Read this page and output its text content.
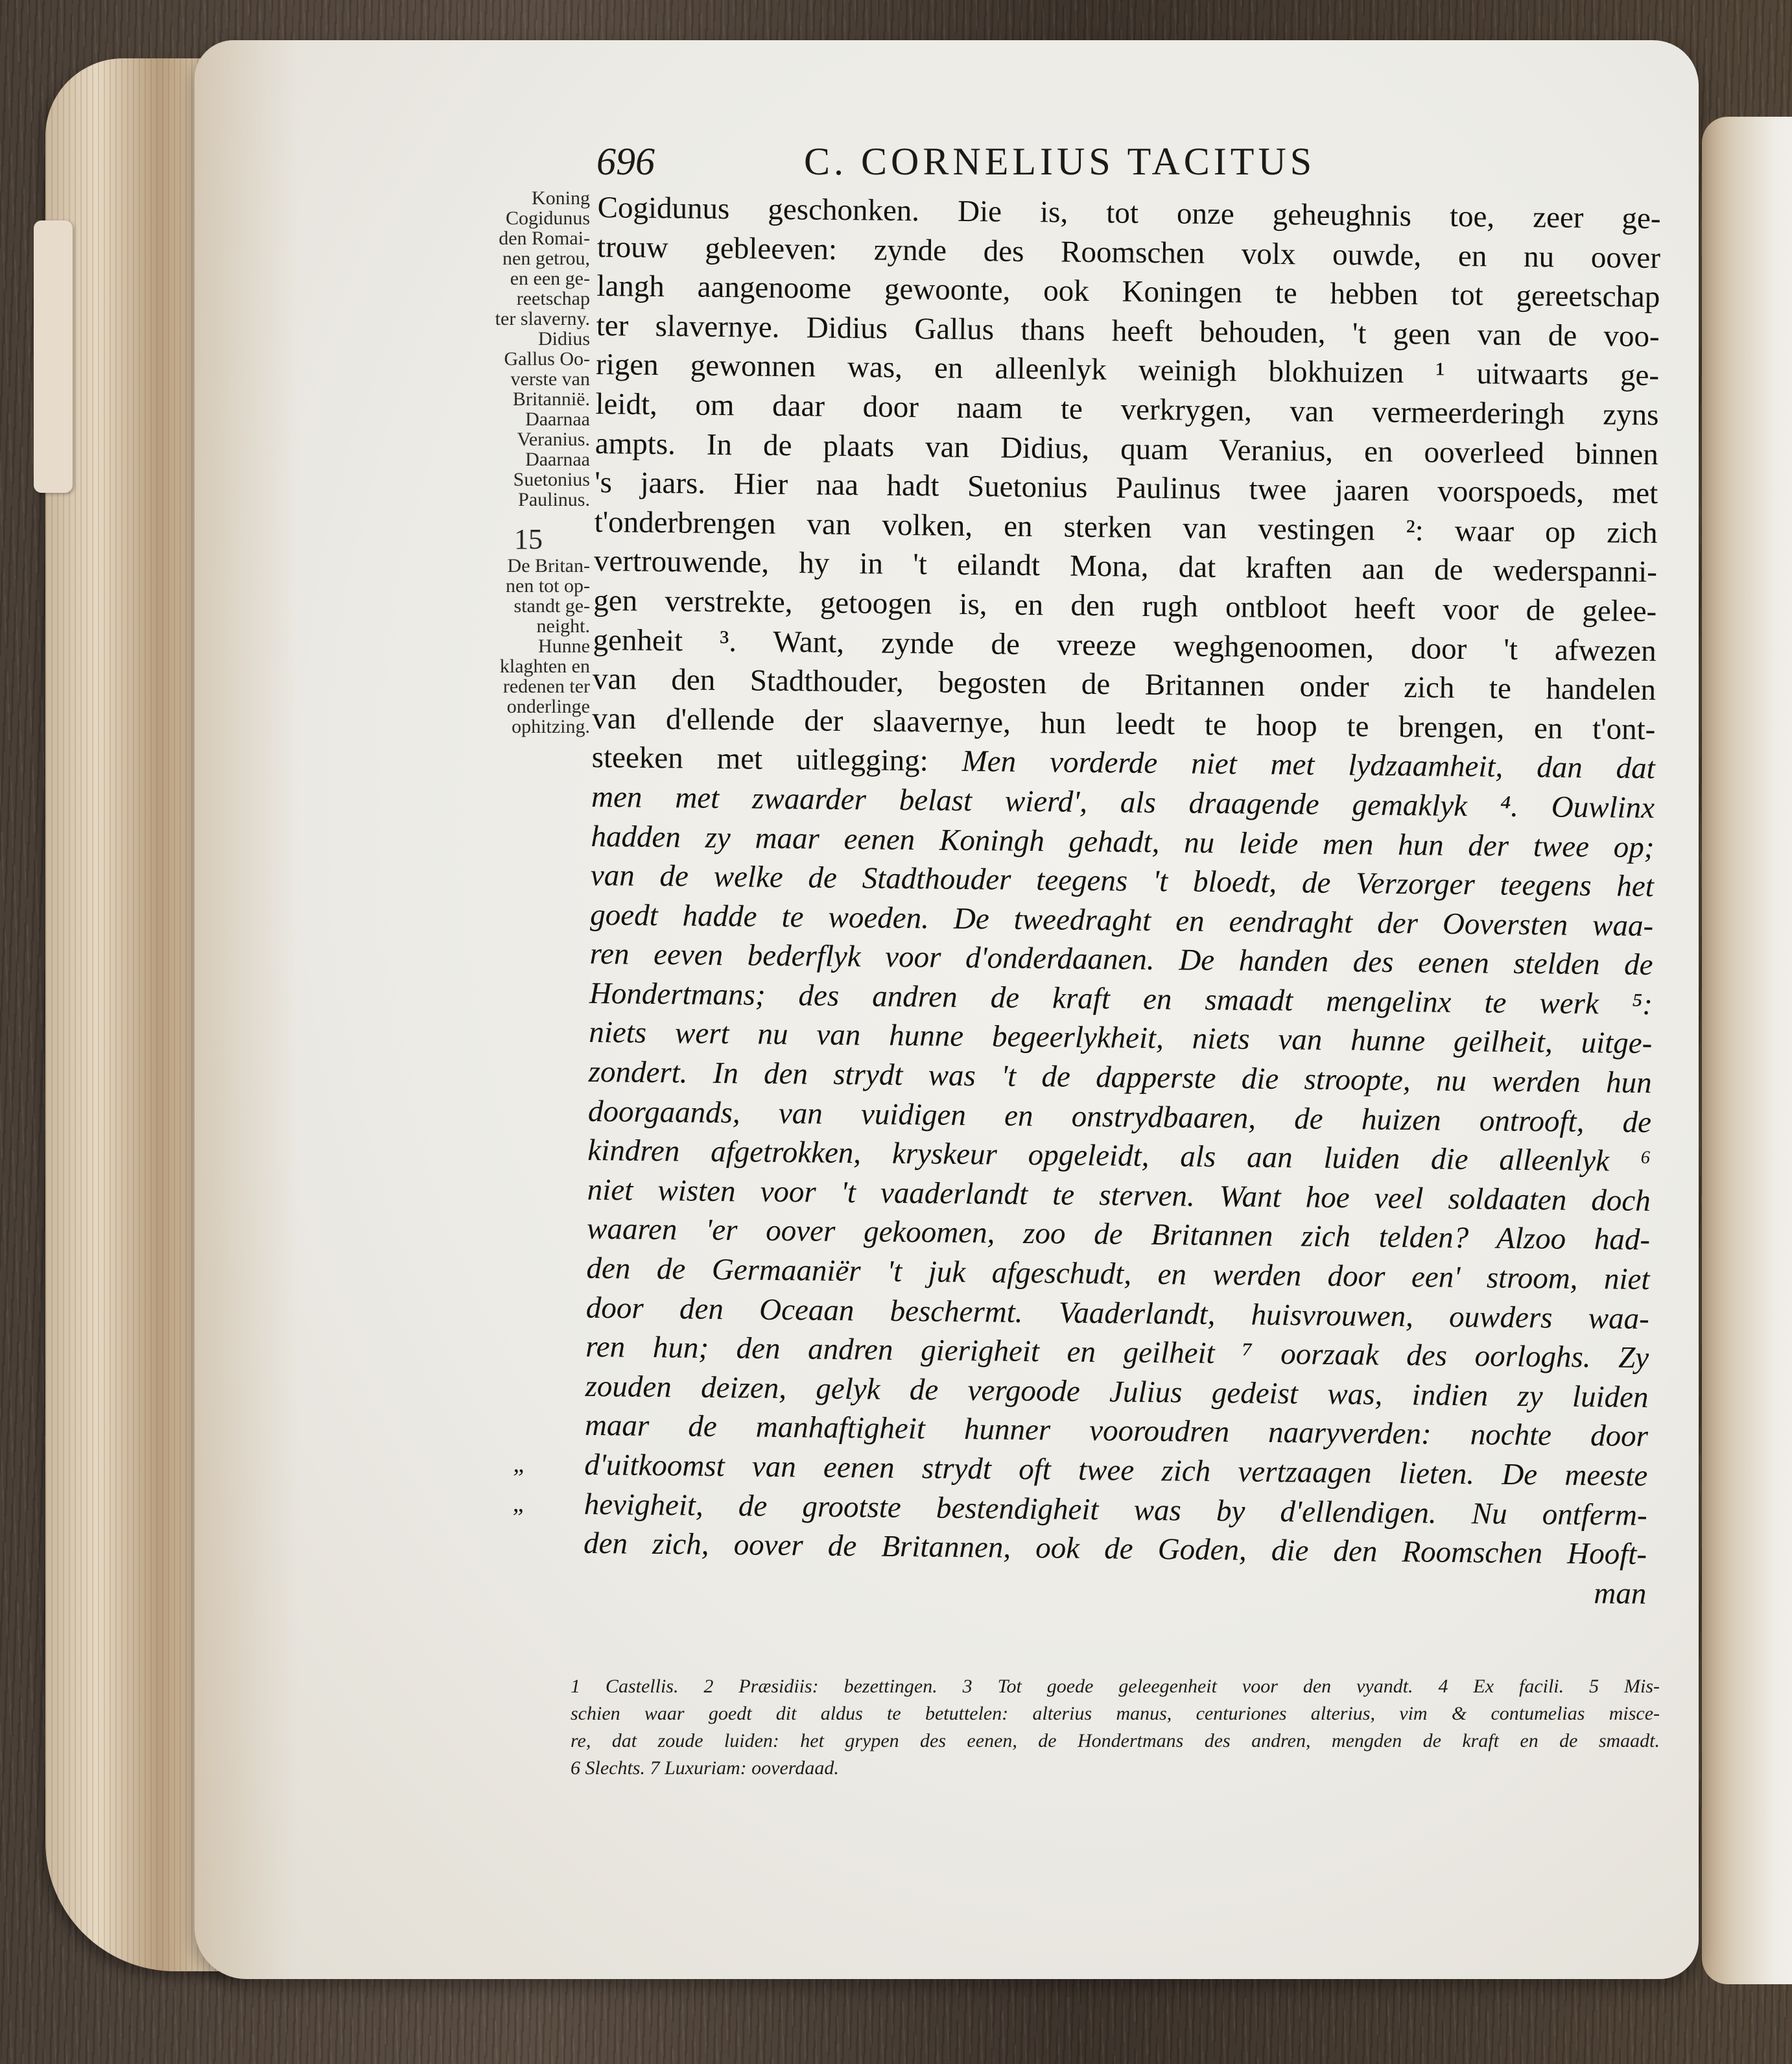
696	C. CORNELIUS TACITUS
Koning
Cogidunus
den Romai-
nen getrou,
en een ge-
reetschap
ter slaverny.
Didius
Gallus Oo-
verste van
Britannië.
Daarnaa
Veranius.
Daarnaa
Suetonius
Paulinus.
15
De Britan-
nen tot op-
standt ge-
neight.
Hunne
klaghten en
redenen ter
onderlinge
ophitzing.
Cogidunus geschonken. Die is, tot onze geheughnis toe, zeer ge-
trouw gebleeven: zynde des Roomschen volx ouwde, en nu oover
langh aangenoome gewoonte, ook Koningen te hebben tot gereetschap
ter slavernye. Didius Gallus thans heeft behouden, 't geen van de voo-
rigen gewonnen was, en alleenlyk weinigh blokhuizen ¹ uitwaarts ge-
leidt, om daar door naam te verkrygen, van vermeerderingh zyns
ampts. In de plaats van Didius, quam Veranius, en ooverleed binnen
's jaars. Hier naa hadt Suetonius Paulinus twee jaaren voorspoeds, met
t'onderbrengen van volken, en sterken van vestingen ²: waar op zich
vertrouwende, hy in 't eilandt Mona, dat kraften aan de wederspanni-
gen verstrekte, getoogen is, en den rugh ontbloot heeft voor de gelee-
genheit ³. Want, zynde de vreeze weghgenoomen, door 't afwezen
van den Stadthouder, begosten de Britannen onder zich te handelen
van d'ellende der slaavernye, hun leedt te hoop te brengen, en t'ont-
steeken met uitlegging: Men vorderde niet met lydzaamheit, dan dat
men met zwaarder belast wierd', als draagende gemaklyk ⁴. Ouwlinx
hadden zy maar eenen Koningh gehadt, nu leide men hun der twee op;
van de welke de Stadthouder teegens 't bloedt, de Verzorger teegens het
goedt hadde te woeden. De tweedraght en eendraght der Ooversten waa-
ren eeven bederflyk voor d'onderdaanen. De handen des eenen stelden de
Hondertmans; des andren de kraft en smaadt mengelinx te werk ⁵:
niets wert nu van hunne begeerlykheit, niets van hunne geilheit, uitge-
zondert. In den strydt was 't de dapperste die stroopte, nu werden hun
doorgaands, van vuidigen en onstrydbaaren, de huizen ontrooft, de
kindren afgetrokken, kryskeur opgeleidt, als aan luiden die alleenlyk ⁶
niet wisten voor 't vaaderlandt te sterven. Want hoe veel soldaaten doch
waaren 'er oover gekoomen, zoo de Britannen zich telden? Alzoo had-
den de Germaaniër 't juk afgeschudt, en werden door een' stroom, niet
door den Oceaan beschermt. Vaaderlandt, huisvrouwen, ouwders waa-
ren hun; den andren gierigheit en geilheit ⁷ oorzaak des oorloghs. Zy
zouden deizen, gelyk de vergoode Julius gedeist was, indien zy luiden
maar de manhaftigheit hunner vooroudren naaryverden: nochte door
„ d'uitkoomst van eenen strydt oft twee zich vertzaagen lieten. De meeste
„ hevigheit, de grootste bestendigheit was by d'ellendigen. Nu ontferm-
den zich, oover de Britannen, ook de Goden, die den Roomschen Hooft-
man
1 Castellis. 2 Præsidiis: bezettingen. 3 Tot goede geleegenheit voor den vyandt. 4 Ex facili. 5 Mis-
schien waar goedt dit aldus te betuttelen: alterius manus, centuriones alterius, vim & contumelias misce-
re, dat zoude luiden: het grypen des eenen, de Hondertmans des andren, mengden de kraft en de smaadt.
6 Slechts. 7 Luxuriam: ooverdaad.
